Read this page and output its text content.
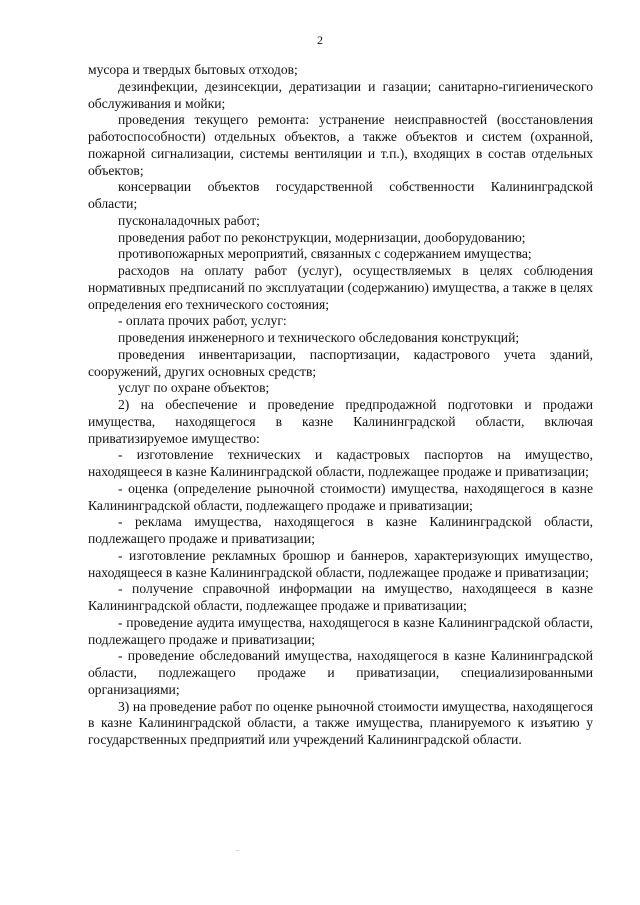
2

мусора и твердых бытовых отходов;

дезинфекции, дезинсекции, дератизации и газации; санитарно-гигиенического обслуживания и мойки;

проведения текущего ремонта: устранение неисправностей (восстановления работоспособности) отдельных объектов, а также объектов и систем (охранной, пожарной сигнализации, системы вентиляции и т.п.), входящих в состав отдельных объектов;

консервации объектов государственной собственности Калининградской области;

пусконаладочных работ;

проведения работ по реконструкции, модернизации, дооборудованию;

противопожарных мероприятий, связанных с содержанием имущества;

расходов на оплату работ (услуг), осуществляемых в целях соблюдения нормативных предписаний по эксплуатации (содержанию) имущества, а также в целях определения его технического состояния;

- оплата прочих работ, услуг:

проведения инженерного и технического обследования конструкций;

проведения инвентаризации, паспортизации, кадастрового учета зданий, сооружений, других основных средств;

услуг по охране объектов;

2) на обеспечение и проведение предпродажной подготовки и продажи имущества, находящегося в казне Калининградской области, включая приватизируемое имущество:

- изготовление технических и кадастровых паспортов на имущество, находящееся в казне Калининградской области, подлежащее продаже и приватизации;

- оценка (определение рыночной стоимости) имущества, находящегося в казне Калининградской области, подлежащего продаже и приватизации;

- реклама имущества, находящегося в казне Калининградской области, подлежащего продаже и приватизации;

- изготовление рекламных брошюр и баннеров, характеризующих имущество, находящееся в казне Калининградской области, подлежащее продаже и приватизации;

- получение справочной информации на имущество, находящееся в казне Калининградской области, подлежащее продаже и приватизации;

- проведение аудита имущества, находящегося в казне Калининградской области, подлежащего продаже и приватизации;

- проведение обследований имущества, находящегося в казне Калининградской области, подлежащего продаже и приватизации, специализированными организациями;

3) на проведение работ по оценке рыночной стоимости имущества, находящегося в казне Калининградской области, а также имущества, планируемого к изъятию у государственных предприятий или учреждений Калининградской области.
